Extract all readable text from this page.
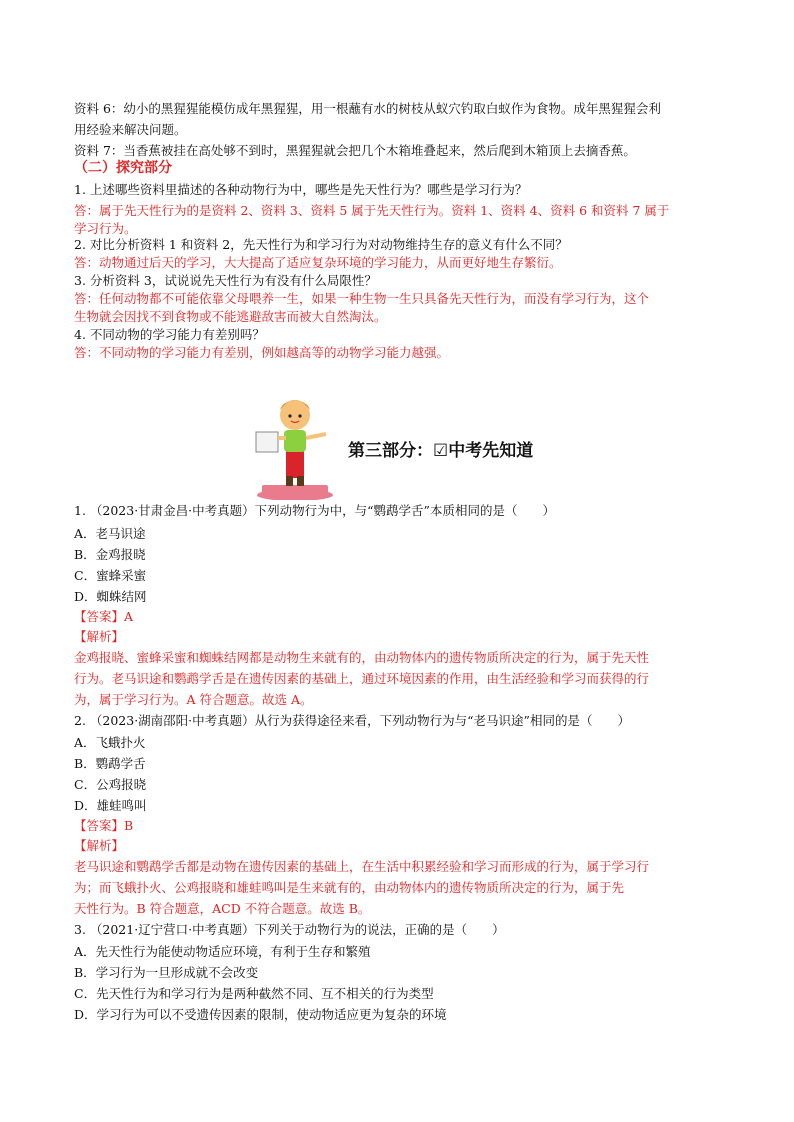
资料 6：幼小的黑猩猩能模仿成年黑猩猩，用一根蘸有水的树枝从蚁穴钓取白蚁作为食物。成年黑猩猩会利
用经验来解决问题。
资料 7：当香蕉被挂在高处够不到时，黑猩猩就会把几个木箱堆叠起来，然后爬到木箱顶上去摘香蕉。
（二）探究部分
1. 上述哪些资料里描述的各种动物行为中，哪些是先天性行为？哪些是学习行为？
答：属于先天性行为的是资料 2、资料 3、资料 5 属于先天性行为。资料 1、资料 4、资料 6 和资料 7 属于
学习行为。
2. 对比分析资料 1 和资料 2，先天性行为和学习行为对动物维持生存的意义有什么不同？
答：动物通过后天的学习，大大提高了适应复杂环境的学习能力，从而更好地生存繁衍。
3. 分析资料 3，试说说先天性行为有没有什么局限性？
答：任何动物都不可能依靠父母喂养一生，如果一种生物一生只具备先天性行为，而没有学习行为，这个
生物就会因找不到食物或不能逃避敌害而被大自然淘汰。
4. 不同动物的学习能力有差别吗？
答：不同动物的学习能力有差别，例如越高等的动物学习能力越强。
第三部分：☑中考先知道
1. （2023·甘肃金昌·中考真题）下列动物行为中，与“鹦鹉学舌”本质相同的是（　　）
A．老马识途
B．金鸡报晓
C．蜜蜂采蜜
D．蜘蛛结网
【答案】A
【解析】
金鸡报晓、蜜蜂采蜜和蜘蛛结网都是动物生来就有的，由动物体内的遗传物质所决定的行为，属于先天性
行为。老马识途和鹦鹉学舌是在遗传因素的基础上，通过环境因素的作用，由生活经验和学习而获得的行
为，属于学习行为。A 符合题意。故选 A。
2. （2023·湖南邵阳·中考真题）从行为获得途径来看，下列动物行为与“老马识途”相同的是（　　）
A．飞蛾扑火
B．鹦鹉学舌
C．公鸡报晓
D．雄蛙鸣叫
【答案】B
【解析】
老马识途和鹦鹉学舌都是动物在遗传因素的基础上，在生活中积累经验和学习而形成的行为，属于学习行
为；而飞蛾扑火、公鸡报晓和雄蛙鸣叫是生来就有的，由动物体内的遗传物质所决定的行为，属于先
天性行为。B 符合题意，ACD 不符合题意。故选 B。
3. （2021·辽宁营口·中考真题）下列关于动物行为的说法，正确的是（　　）
A．先天性行为能使动物适应环境，有利于生存和繁殖
B．学习行为一旦形成就不会改变
C．先天性行为和学习行为是两种截然不同、互不相关的行为类型
D．学习行为可以不受遗传因素的限制，使动物适应更为复杂的环境
